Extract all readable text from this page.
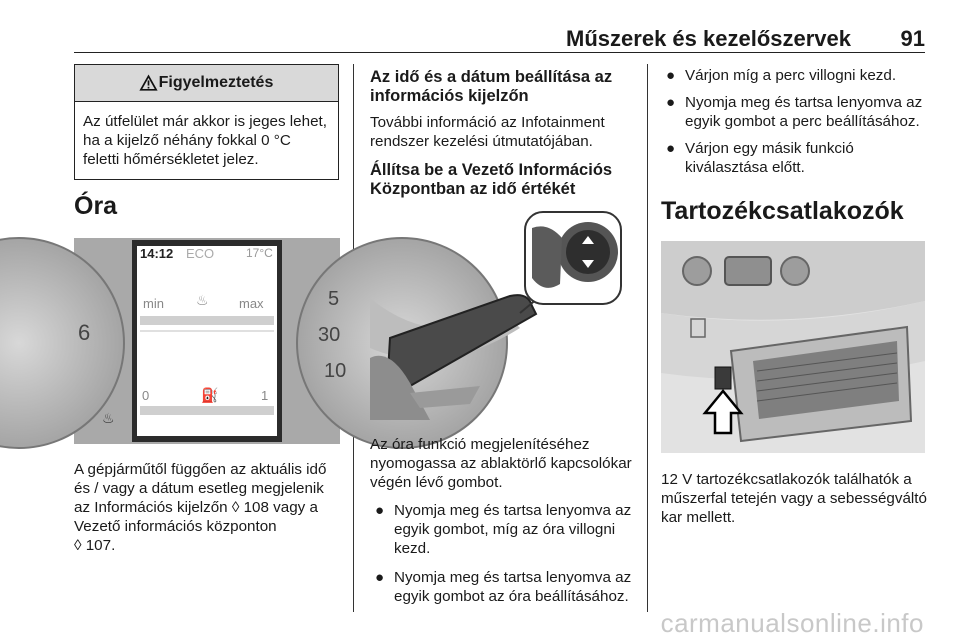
Műszerek és kezelőszervek 91
Figyelmeztetés

Az útfelület már akkor is jeges lehet, ha a kijelző néhány fokkal 0 °C feletti hőmérsékletet jelez.

Óra
14:12 ECO	17°C
min ♨ max
0	⛽	1
6
5
30
10
♨

A gépjárműtől függően az aktuális idő
és / vagy a dátum esetleg megjelenik
az Információs kijelzőn ◊ 108 vagy a
Vezető információs központon
◊ 107.

Az idő és a dátum beállítása az információs kijelzőn

További információ az Infotainment rendszer kezelési útmutatójában.

Állítsa be a Vezető Információs Központban az idő értékét

Az óra funkció megjelenítéséhez nyomogassa az ablaktörlő kapcsolókar végén lévő gombot.

● Nyomja meg és tartsa lenyomva az egyik gombot, míg az óra villogni kezd.
● Nyomja meg és tartsa lenyomva az egyik gombot az óra beállításához.
● Várjon míg a perc villogni kezd.
● Nyomja meg és tartsa lenyomva az egyik gombot a perc beállításához.
● Várjon egy másik funkció kiválasztása előtt.
Tartozékcsatlakozók

12 V tartozékcsatlakozók találhatók a műszerfal tetején vagy a sebességváltó kar mellett.

carmanualsonline.info
